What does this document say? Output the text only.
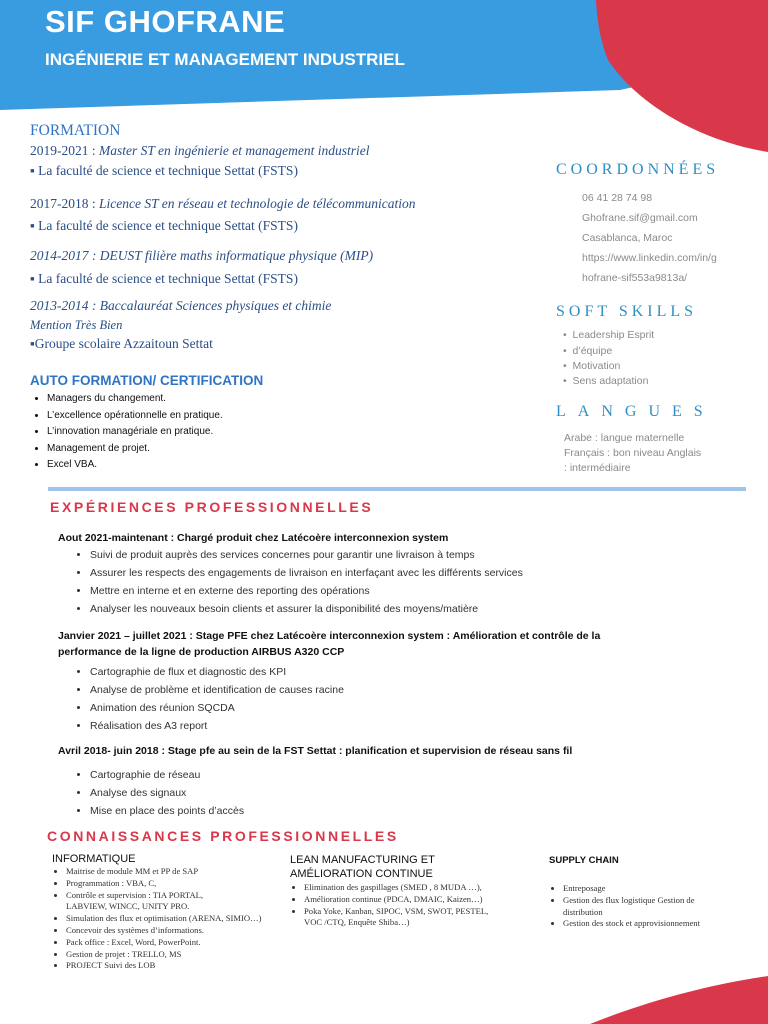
SIF GHOFRANE
INGÉNIERIE ET MANAGEMENT INDUSTRIEL
FORMATION
2019-2021 : Master ST en ingénierie et management industriel
▪ La faculté de science et technique Settat (FSTS)
2017-2018 : Licence ST en réseau et technologie de télécommunication
▪ La faculté de science et technique Settat (FSTS)
2014-2017 : DEUST filière maths informatique physique (MIP)
▪ La faculté de science et technique Settat (FSTS)
2013-2014 : Baccalauréat Sciences physiques et chimie
Mention Très Bien
▪Groupe scolaire Azzaitoun Settat
AUTO FORMATION/ CERTIFICATION
• Managers du changement.
• L’excellence opérationnelle en pratique.
• L’innovation managériale en pratique.
• Management de projet.
• Excel VBA.
COORDONNÉES
06 41 28 74 98
Ghofrane.sif@gmail.com
Casablanca, Maroc
https://www.linkedin.com/in/g
hofrane-sif553a9813a/
SOFT SKILLS
•  Leadership Esprit
•  d’équipe
•  Motivation
•  Sens adaptation
LANGUES
Arabe : langue maternelle
Français : bon niveau Anglais
: intermédiaire
EXPÉRIENCES PROFESSIONNELLES
Aout 2021-maintenant : Chargé produit chez Latécoère interconnexion system
• Suivi de produit auprès des services concernes pour garantir une livraison à temps
• Assurer les respects des engagements de livraison en interfaçant avec les différents services
• Mettre en interne et en externe des reporting des opérations
• Analyser les nouveaux besoin clients et assurer la disponibilité des moyens/matière
Janvier 2021 – juillet 2021 : Stage PFE chez Latécoère interconnexion system : Amélioration et contrôle de la performance de la ligne de production AIRBUS A320 CCP
• Cartographie de flux et diagnostic des KPI
• Analyse de problème et identification de causes racine
• Animation des réunion SQCDA
• Réalisation des A3 report
Avril 2018- juin 2018 : Stage pfe au sein de la FST Settat : planification et supervision de réseau sans fil
• Cartographie de réseau
• Analyse des signaux
• Mise en place des points d’accès
CONNAISSANCES PROFESSIONNELLES
INFORMATIQUE
• Maitrise de module MM et PP de SAP
• Programmation : VBA, C,
• Contrôle et supervision : TIA PORTAL, LABVIEW, WINCC, UNITY PRO.
• Simulation des flux et optimisation (ARENA, SIMIO…)
• Concevoir des systèmes d’informations.
• Pack office : Excel, Word, PowerPoint.
• Gestion de projet : TRELLO, MS
• PROJECT Suivi des LOB
LEAN MANUFACTURING ET AMÉLIORATION CONTINUE
• Elimination des gaspillages (SMED , 8 MUDA …),
• Amélioration continue (PDCA, DMAIC, Kaizen…)
• Poka Yoke, Kanban, SIPOC, VSM, SWOT, PESTEL, VOC /CTQ, Enquête Shiba…)
SUPPLY CHAIN
• Entreposage
• Gestion des flux logistique Gestion de distribution
• Gestion des stock et approvisionnement
